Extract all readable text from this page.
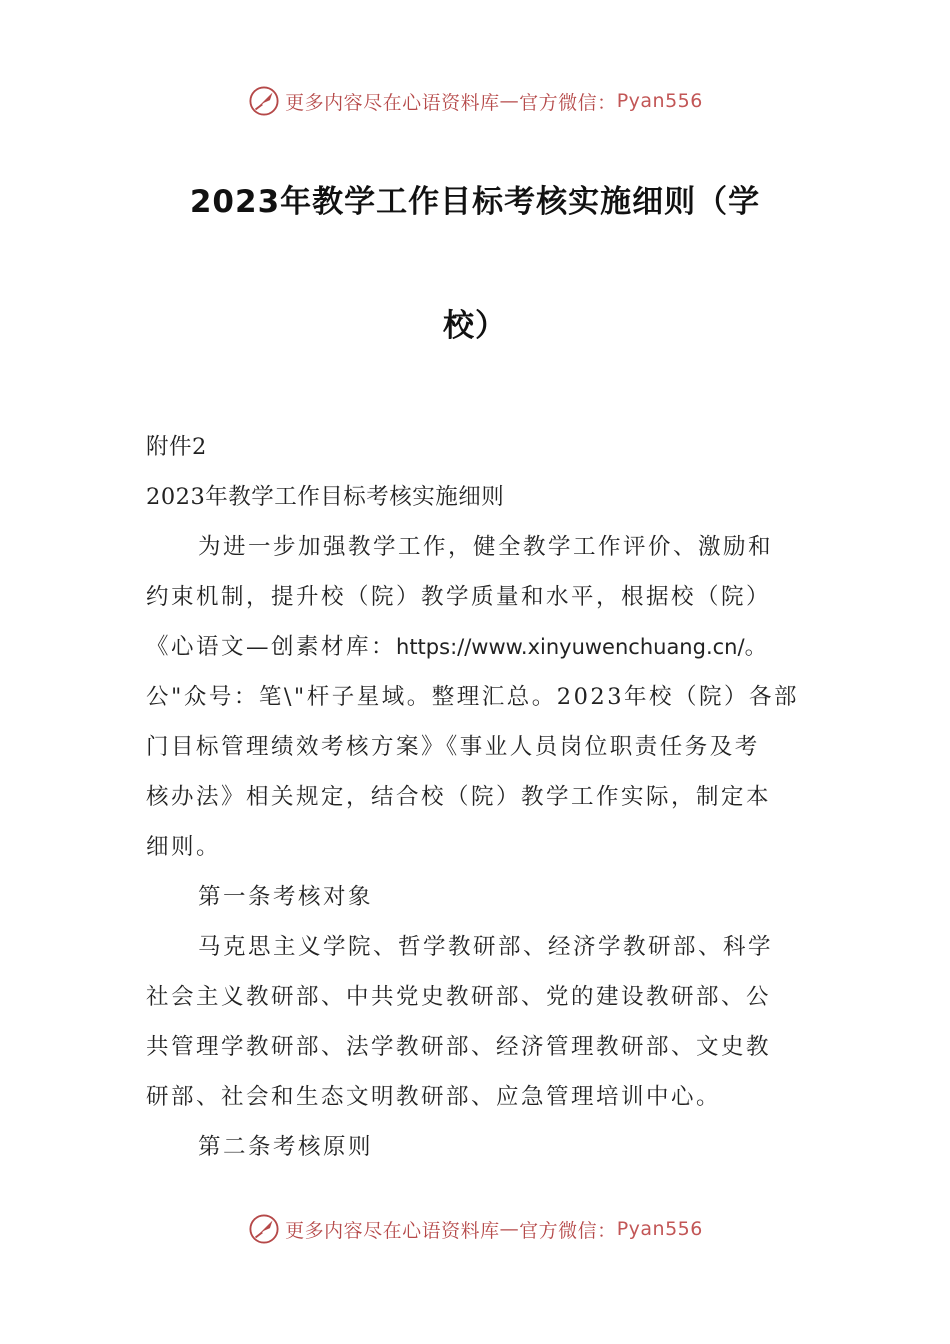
更多内容尽在心语资料库 — 官方微信： Pyan556
2023年教学工作目标考核实施细则（学
校）

附件2

2023年教学工作目标考核实施细则

为进一步加强教学工作，健全教学工作评价、激励和

约束机制，提升校（院）教学质量和水平，根据校（院）

《心语文—创素材库：https://www.xinyuwenchuang.cn/。

公"众号：笔\"杆子星域。整理汇总。2023年校（院）各部

门目标管理绩效考核方案》《事业人员岗位职责任务及考

核办法》相关规定，结合校（院）教学工作实际，制定本

细则。

第一条考核对象

马克思主义学院、哲学教研部、经济学教研部、科学

社会主义教研部、中共党史教研部、党的建设教研部、公

共管理学教研部、法学教研部、经济管理教研部、文史教

研部、社会和生态文明教研部、应急管理培训中心。

第二条考核原则

更多内容尽在心语资料库 — 官方微信： Pyan556
